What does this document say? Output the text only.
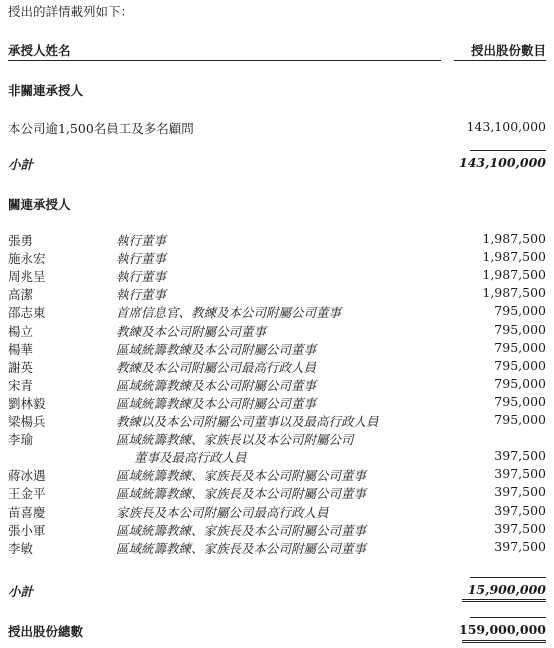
授出的詳情載列如下：
承授人姓名	授出股份數目
非關連承授人
本公司逾1,500名員工及多名顧問	143,100,000
小計	143,100,000
關連承授人
張勇	執行董事	1,987,500
施永宏	執行董事	1,987,500
周兆呈	執行董事	1,987,500
高潔	執行董事	1,987,500
邵志東	首席信息官、教練及本公司附屬公司董事	795,000
楊立	教練及本公司附屬公司董事	795,000
楊華	區域統籌教練及本公司附屬公司董事	795,000
謝英	教練及本公司附屬公司最高行政人員	795,000
宋青	區域統籌教練及本公司附屬公司董事	795,000
劉林毅	區域統籌教練及本公司附屬公司董事	795,000
梁楊兵	教練以及本公司附屬公司董事以及最高行政人員	795,000
李瑜	區域統籌教練、家族長以及本公司附屬公司
董事及最高行政人員	397,500
蔣冰遇	區域統籌教練、家族長及本公司附屬公司董事	397,500
王金平	區域統籌教練、家族長及本公司附屬公司董事	397,500
苗喜慶	家族長及本公司附屬公司最高行政人員	397,500
張小軍	區域統籌教練、家族長及本公司附屬公司董事	397,500
李敏	區域統籌教練、家族長及本公司附屬公司董事	397,500
小計	15,900,000
授出股份總數	159,000,000
